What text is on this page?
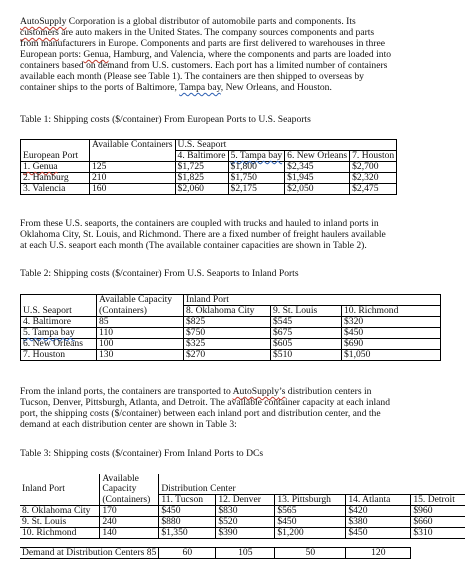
AutoSupply Corporation is a global distributor of automobile parts and components. Its
customers are auto makers in the United States. The company sources components and parts
from manufacturers in Europe. Components and parts are first delivered to warehouses in three
European ports: Genua, Hamburg, and Valencia, where the components and parts are loaded into
containers based on demand from U.S. customers. Each port has a limited number of containers
available each month (Please see Table 1). The containers are then shipped to overseas by
container ships to the ports of Baltimore, Tampa bay, New Orleans, and Houston.
Table 1: Shipping costs ($/container) From European Ports to U.S. Seaports
	Available Containers	U.S. Seaport			
European Port		4. Baltimore	5. Tampa bay	6. New Orleans	7. Houston
1. Genua	125	$1,725	$1,800	$2,345	$2,700
2. Hamburg	210	$1,825	$1,750	$1,945	$2,320
3. Valencia	160	$2,060	$2,175	$2,050	$2,475
From these U.S. seaports, the containers are coupled with trucks and hauled to inland ports in
Oklahoma City, St. Louis, and Richmond. There are a fixed number of freight haulers available
at each U.S. seaport each month (The available container capacities are shown in Table 2).
Table 2: Shipping costs ($/container) From U.S. Seaports to Inland Ports
	Available Capacity	Inland Port		
U.S. Seaport	(Containers)	8. Oklahoma City	9. St. Louis	10. Richmond
4. Baltimore	85	$825	$545	$320
5. Tampa bay	110	$750	$675	$450
6. New Orleans	100	$325	$605	$690
7. Houston	130	$270	$510	$1,050
From the inland ports, the containers are transported to AutoSupply’s distribution centers in
Tucson, Denver, Pittsburgh, Atlanta, and Detroit. The available container capacity at each inland
port, the shipping costs ($/container) between each inland port and distribution center, and the
demand at each distribution center are shown in Table 3:
Table 3: Shipping costs ($/container) From Inland Ports to DCs
	Available					
Inland Port	Capacity	Distribution Center				
	(Containers)	11. Tucson	12. Denver	13. Pittsburgh	14. Atlanta	15. Detroit
8. Oklahoma City	170	$450	$830	$565	$420	$960
9. St. Louis	240	$880	$520	$450	$380	$660
10. Richmond	140	$1,350	$390	$1,200	$450	$310

Demand at Distribution Centers 85		60	105	50	120	
